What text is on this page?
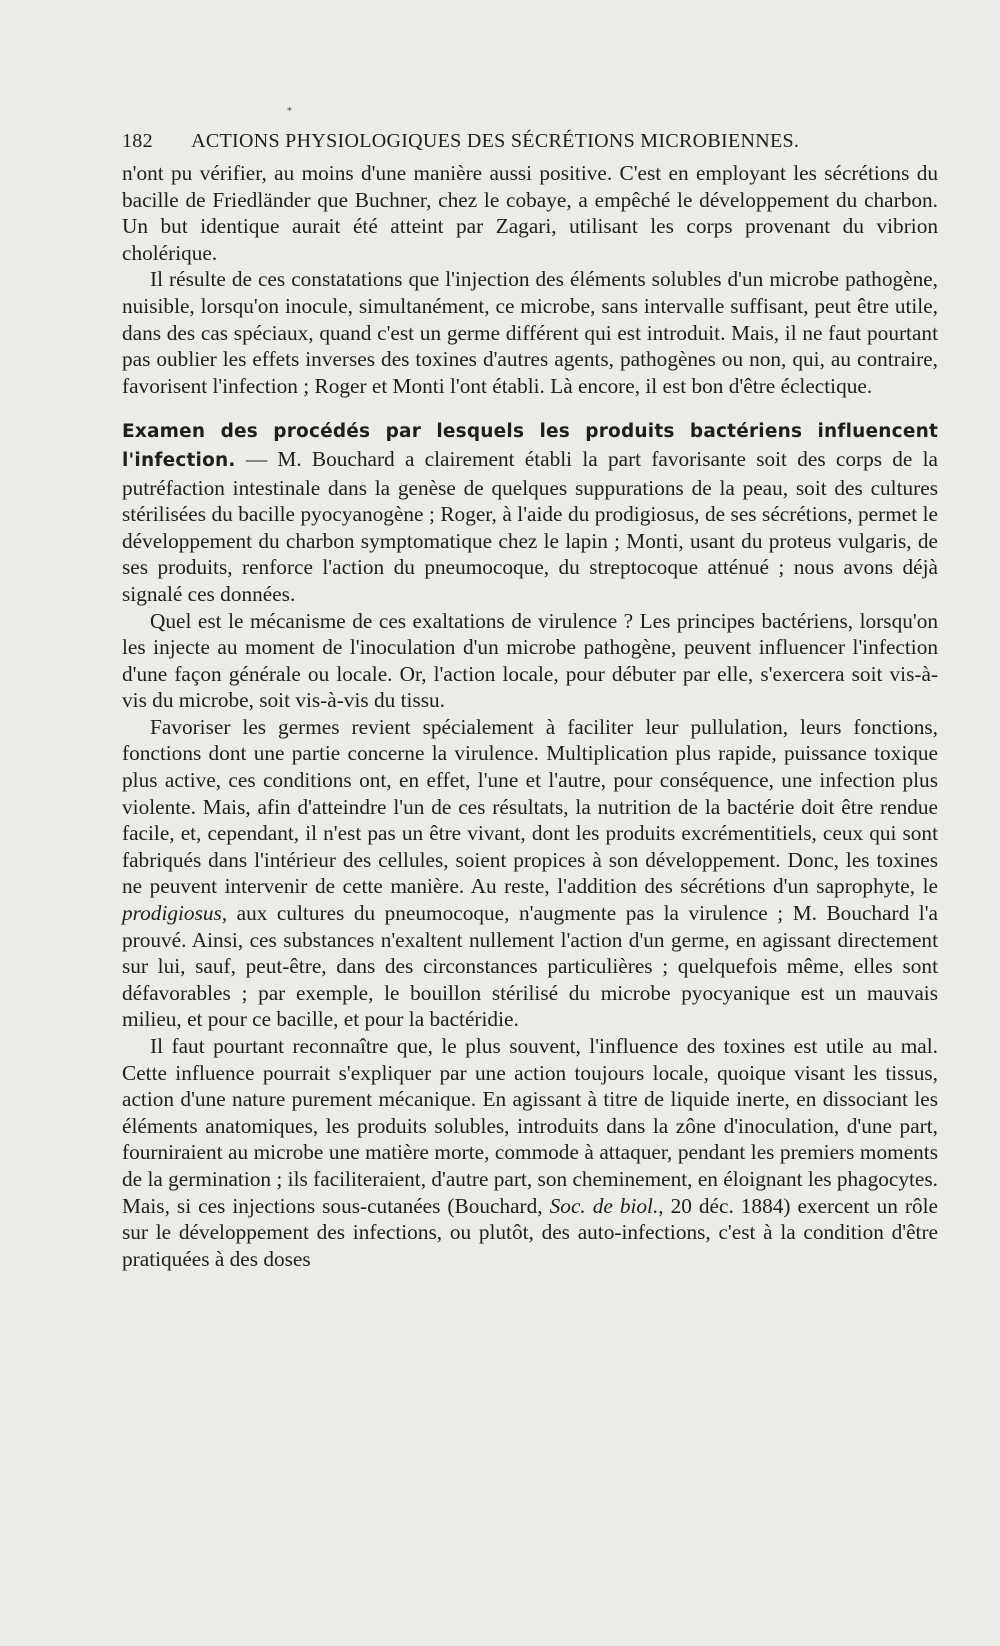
*
182 ACTIONS PHYSIOLOGIQUES DES SÉCRÉTIONS MICROBIENNES.

n'ont pu vérifier, au moins d'une manière aussi positive. C'est en employant les sécrétions du bacille de Friedländer que Buchner, chez le cobaye, a empêché le développement du charbon. Un but identique aurait été atteint par Zagari, utilisant les corps provenant du vibrion cholérique.

Il résulte de ces constatations que l'injection des éléments solubles d'un microbe pathogène, nuisible, lorsqu'on inocule, simultanément, ce microbe, sans intervalle suffisant, peut être utile, dans des cas spéciaux, quand c'est un germe différent qui est introduit. Mais, il ne faut pourtant pas oublier les effets inverses des toxines d'autres agents, pathogènes ou non, qui, au contraire, favorisent l'infection ; Roger et Monti l'ont établi. Là encore, il est bon d'être éclectique.

Examen des procédés par lesquels les produits bactériens influencent l'infection. — M. Bouchard a clairement établi la part favorisante soit des corps de la putréfaction intestinale dans la genèse de quelques suppurations de la peau, soit des cultures stérilisées du bacille pyocyanogène ; Roger, à l'aide du prodigiosus, de ses sécrétions, permet le développement du charbon symptomatique chez le lapin ; Monti, usant du proteus vulgaris, de ses produits, renforce l'action du pneumocoque, du streptocoque atténué ; nous avons déjà signalé ces données.

Quel est le mécanisme de ces exaltations de virulence ? Les principes bactériens, lorsqu'on les injecte au moment de l'inoculation d'un microbe pathogène, peuvent influencer l'infection d'une façon générale ou locale. Or, l'action locale, pour débuter par elle, s'exercera soit vis-à-vis du microbe, soit vis-à-vis du tissu.

Favoriser les germes revient spécialement à faciliter leur pullulation, leurs fonctions, fonctions dont une partie concerne la virulence. Multiplication plus rapide, puissance toxique plus active, ces conditions ont, en effet, l'une et l'autre, pour conséquence, une infection plus violente. Mais, afin d'atteindre l'un de ces résultats, la nutrition de la bactérie doit être rendue facile, et, cependant, il n'est pas un être vivant, dont les produits excrémentitiels, ceux qui sont fabriqués dans l'intérieur des cellules, soient propices à son développement. Donc, les toxines ne peuvent intervenir de cette manière. Au reste, l'addition des sécrétions d'un saprophyte, le prodigiosus, aux cultures du pneumocoque, n'augmente pas la virulence ; M. Bouchard l'a prouvé. Ainsi, ces substances n'exaltent nullement l'action d'un germe, en agissant directement sur lui, sauf, peut-être, dans des circonstances particulières ; quelquefois même, elles sont défavorables ; par exemple, le bouillon stérilisé du microbe pyocyanique est un mauvais milieu, et pour ce bacille, et pour la bactéridie.

Il faut pourtant reconnaître que, le plus souvent, l'influence des toxines est utile au mal. Cette influence pourrait s'expliquer par une action toujours locale, quoique visant les tissus, action d'une nature purement mécanique. En agissant à titre de liquide inerte, en dissociant les éléments anatomiques, les produits solubles, introduits dans la zône d'inoculation, d'une part, fourniraient au microbe une matière morte, commode à attaquer, pendant les premiers moments de la germination ; ils faciliteraient, d'autre part, son cheminement, en éloignant les phagocytes. Mais, si ces injections sous-cutanées (Bouchard, Soc. de biol., 20 déc. 1884) exercent un rôle sur le développement des infections, ou plutôt, des auto-infections, c'est à la condition d'être pratiquées à des doses
